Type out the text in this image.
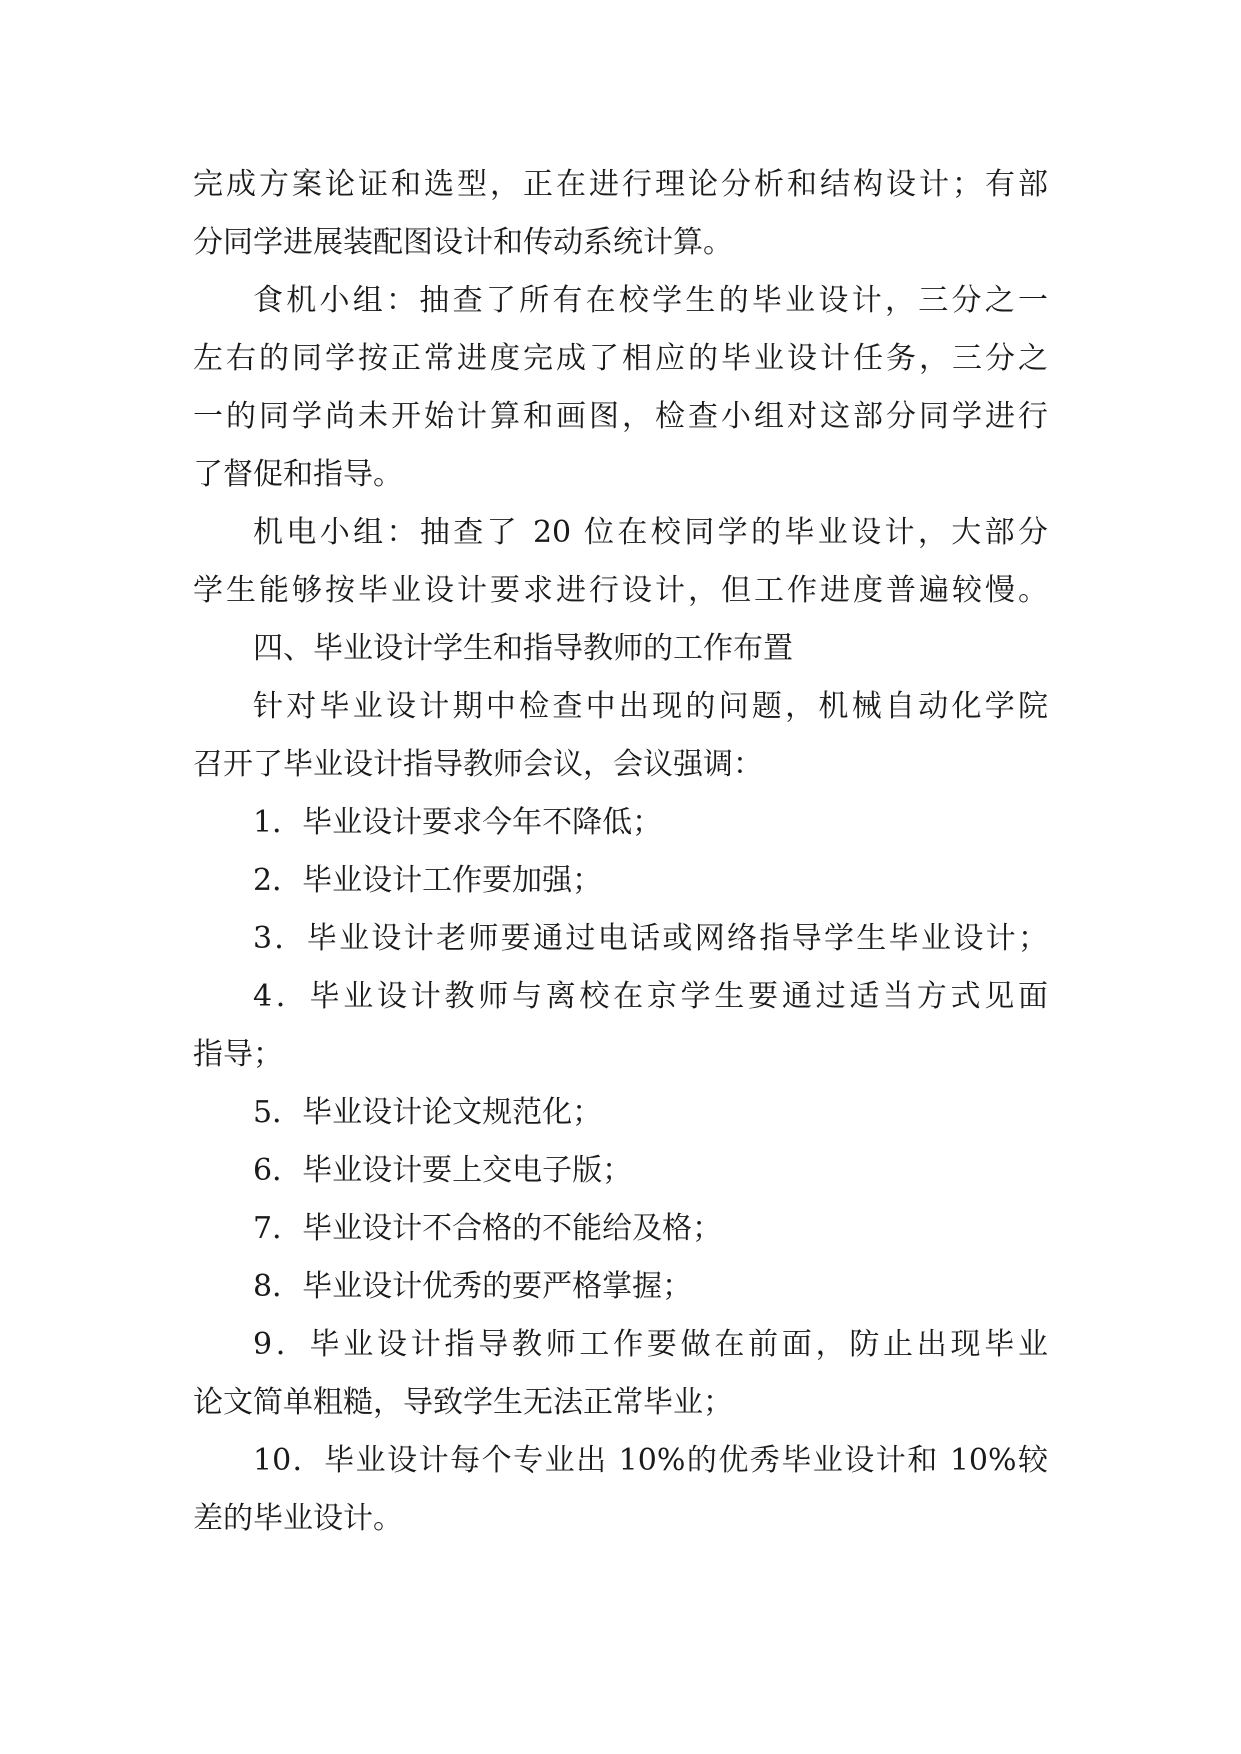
完成方案论证和选型，正在进行理论分析和结构设计；有部
分同学进展装配图设计和传动系统计算。
食机小组：抽查了所有在校学生的毕业设计，三分之一
左右的同学按正常进度完成了相应的毕业设计任务，三分之
一的同学尚未开始计算和画图，检查小组对这部分同学进行
了督促和指导。
机电小组：抽查了 20 位在校同学的毕业设计，大部分
学生能够按毕业设计要求进行设计，但工作进度普遍较慢。
四、毕业设计学生和指导教师的工作布置
针对毕业设计期中检查中出现的问题，机械自动化学院
召开了毕业设计指导教师会议，会议强调：
1．毕业设计要求今年不降低；
2．毕业设计工作要加强；
3．毕业设计老师要通过电话或网络指导学生毕业设计；
4．毕业设计教师与离校在京学生要通过适当方式见面
指导；
5．毕业设计论文规范化；
6．毕业设计要上交电子版；
7．毕业设计不合格的不能给及格；
8．毕业设计优秀的要严格掌握；
9．毕业设计指导教师工作要做在前面，防止出现毕业
论文简单粗糙，导致学生无法正常毕业；
10．毕业设计每个专业出 10%的优秀毕业设计和 10%较
差的毕业设计。
